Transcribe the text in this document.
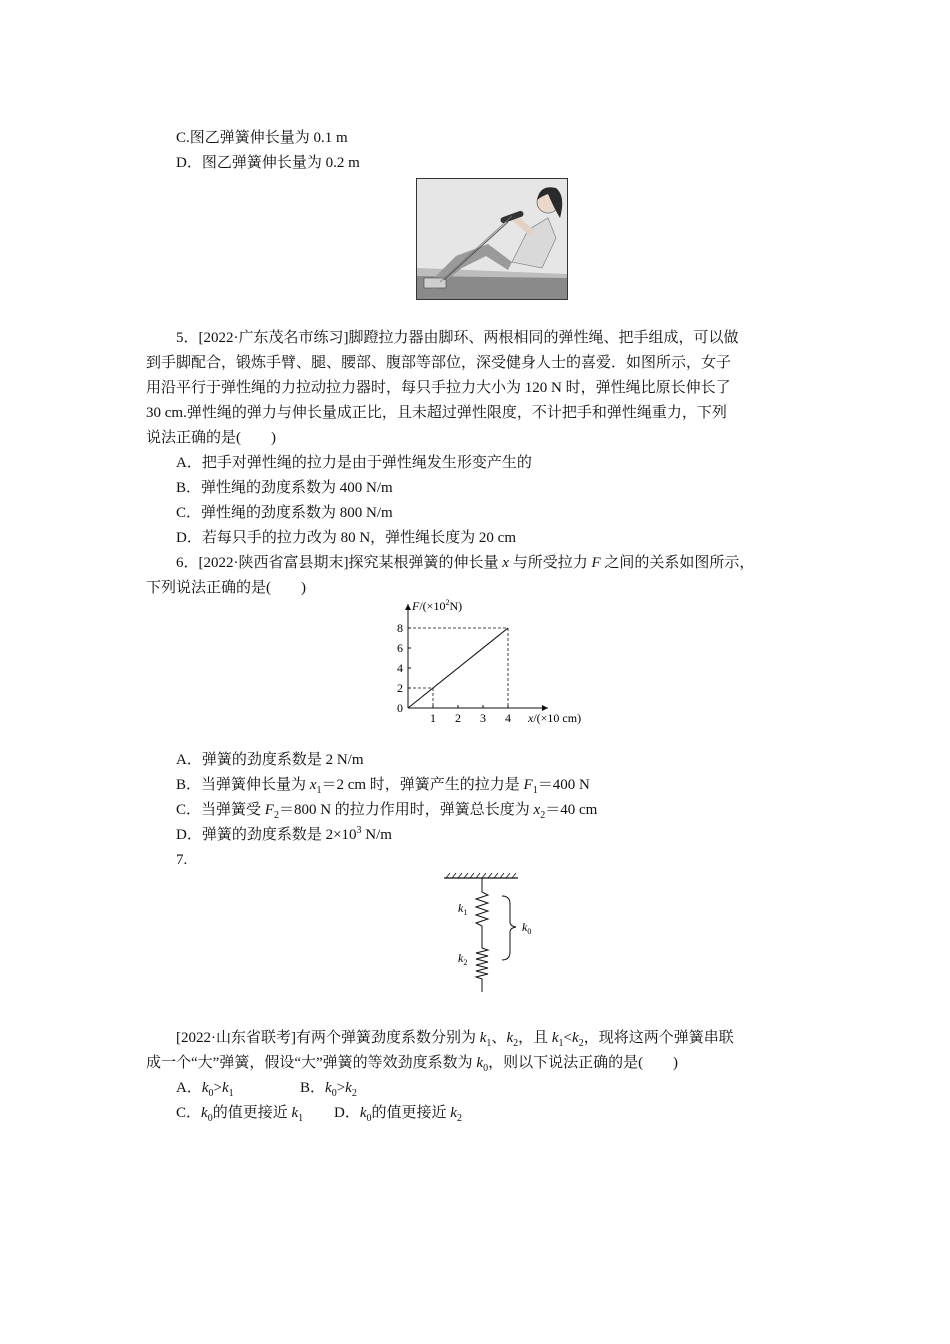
C.图乙弹簧伸长量为 0.1 m
D．图乙弹簧伸长量为 0.2 m
5．[2022·广东茂名市练习]脚蹬拉力器由脚环、两根相同的弹性绳、把手组成，可以做
到手脚配合，锻炼手臂、腿、腰部、腹部等部位，深受健身人士的喜爱．如图所示，女子
用沿平行于弹性绳的力拉动拉力器时，每只手拉力大小为 120 N 时，弹性绳比原长伸长了
30 cm.弹性绳的弹力与伸长量成正比，且未超过弹性限度，不计把手和弹性绳重力，下列
说法正确的是(　　)
A．把手对弹性绳的拉力是由于弹性绳发生形变产生的
B．弹性绳的劲度系数为 400 N/m
C．弹性绳的劲度系数为 800 N/m
D．若每只手的拉力改为 80 N，弹性绳长度为 20 cm
6．[2022·陕西省富县期末]探究某根弹簧的伸长量 x 与所受拉力 F 之间的关系如图所示，
下列说法正确的是(　　)
1 2 3 4
2
4
6
8
$F/(\times 10^2N)$
x/(×10 cm)
0
A．弹簧的劲度系数是 2 N/m
B．当弹簧伸长量为 $x_1=2$ cm 时，弹簧产生的拉力是 $F_1=400$ N
C．当弹簧受 $F_2=800$ N 的拉力作用时，弹簧总长度为 $x_2=40$ cm
D．弹簧的劲度系数是 $2\times 10^3$ N/m
7.
$k_1$
$k_2$
$k_0$
[2022·山东省联考]有两个弹簧劲度系数分别为 $k_1$、$k_2$，且 $k_1<k_2$，现将这两个弹簧串联
成一个“大”弹簧，假设“大”弹簧的等效劲度系数为 $k_0$，则以下说法正确的是(　　)
A．$k_0>k_1$	B．$k_0>k_2$
C．$k_0$的值更接近 $k_1$ D．$k_0$的值更接近 $k_2$
